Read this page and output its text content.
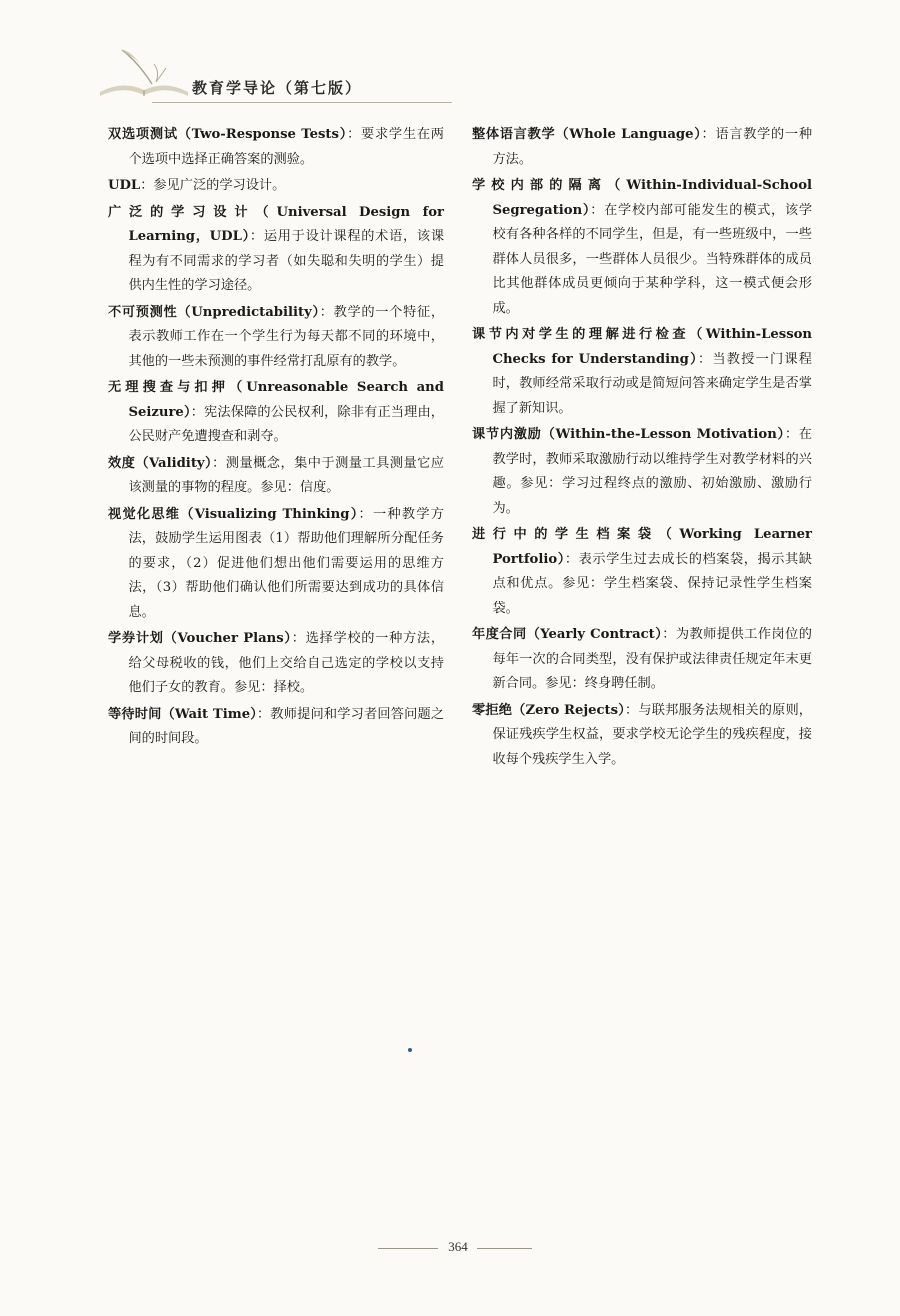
教育学导论（第七版）

双选项测试（Two-Response Tests）：要求学生在两个选项中选择正确答案的测验。

UDL：参见广泛的学习设计。

广泛的学习设计（Universal Design for Learning，UDL）：运用于设计课程的术语，该课程为有不同需求的学习者（如失聪和失明的学生）提供内生性的学习途径。

不可预测性（Unpredictability）：教学的一个特征，表示教师工作在一个学生行为每天都不同的环境中，其他的一些未预测的事件经常打乱原有的教学。

无理搜查与扣押（Unreasonable Search and Seizure）：宪法保障的公民权利，除非有正当理由，公民财产免遭搜查和剥夺。

效度（Validity）：测量概念，集中于测量工具测量它应该测量的事物的程度。参见：信度。

视觉化思维（Visualizing Thinking）：一种教学方法，鼓励学生运用图表（1）帮助他们理解所分配任务的要求，（2）促进他们想出他们需要运用的思维方法，（3）帮助他们确认他们所需要达到成功的具体信息。

学券计划（Voucher Plans）：选择学校的一种方法，给父母税收的钱，他们上交给自己选定的学校以支持他们子女的教育。参见：择校。

等待时间（Wait Time）：教师提问和学习者回答问题之间的时间段。

整体语言教学（Whole Language）：语言教学的一种方法。

学校内部的隔离（Within-Individual-School Segregation）：在学校内部可能发生的模式，该学校有各种各样的不同学生，但是，有一些班级中，一些群体人员很多，一些群体人员很少。当特殊群体的成员比其他群体成员更倾向于某种学科，这一模式便会形成。

课节内对学生的理解进行检查（Within-Lesson Checks for Understanding）：当教授一门课程时，教师经常采取行动或是简短问答来确定学生是否掌握了新知识。

课节内激励（Within-the-Lesson Motivation）：在教学时，教师采取激励行动以维持学生对教学材料的兴趣。参见：学习过程终点的激励、初始激励、激励行为。

进行中的学生档案袋（Working Learner Portfolio）：表示学生过去成长的档案袋，揭示其缺点和优点。参见：学生档案袋、保持记录性学生档案袋。

年度合同（Yearly Contract）：为教师提供工作岗位的每年一次的合同类型，没有保护或法律责任规定年末更新合同。参见：终身聘任制。

零拒绝（Zero Rejects）：与联邦服务法规相关的原则，保证残疾学生权益，要求学校无论学生的残疾程度，接收每个残疾学生入学。

364
